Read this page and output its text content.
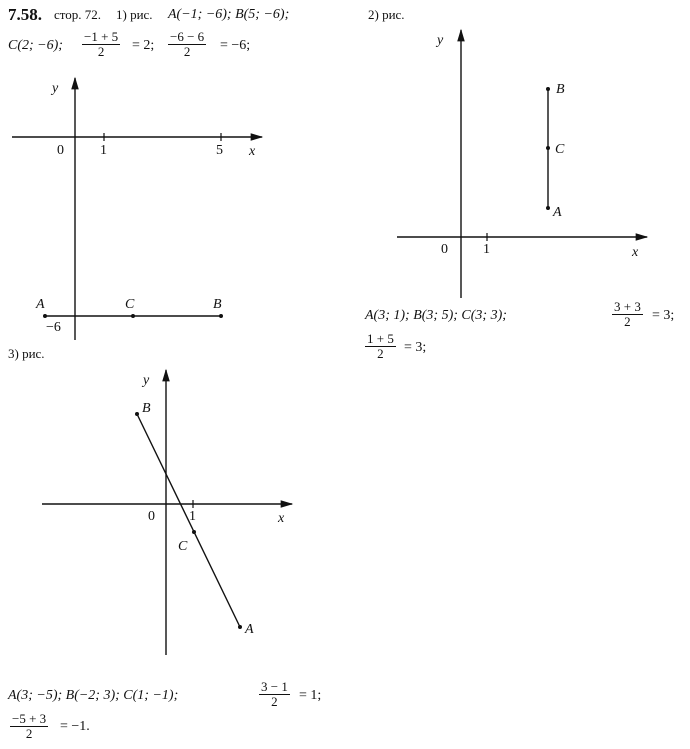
7.58. стор. 72. 1) рис. A(−1; −6); B(5; −6);
C(2; −6); $\frac{-1 + 5}{2} = 2$; $\frac{-6 - 6}{2} = -6$;
2) рис.
y
x
0	1	5
−6
A	C	B
y
x
0	1
B
C
A
A(3; 1); B(3; 5); C(3; 3);	$\frac{3 + 3}{2} = 3$;
$\frac{1 + 5}{2} = 3$;
3) рис.
y
x
0 1
B
C
A
A(3; −5); B(−2; 3); C(1; −1);	$\frac{3 - 1}{2} = 1$;
$\frac{-5 + 3}{2} = -1$.
